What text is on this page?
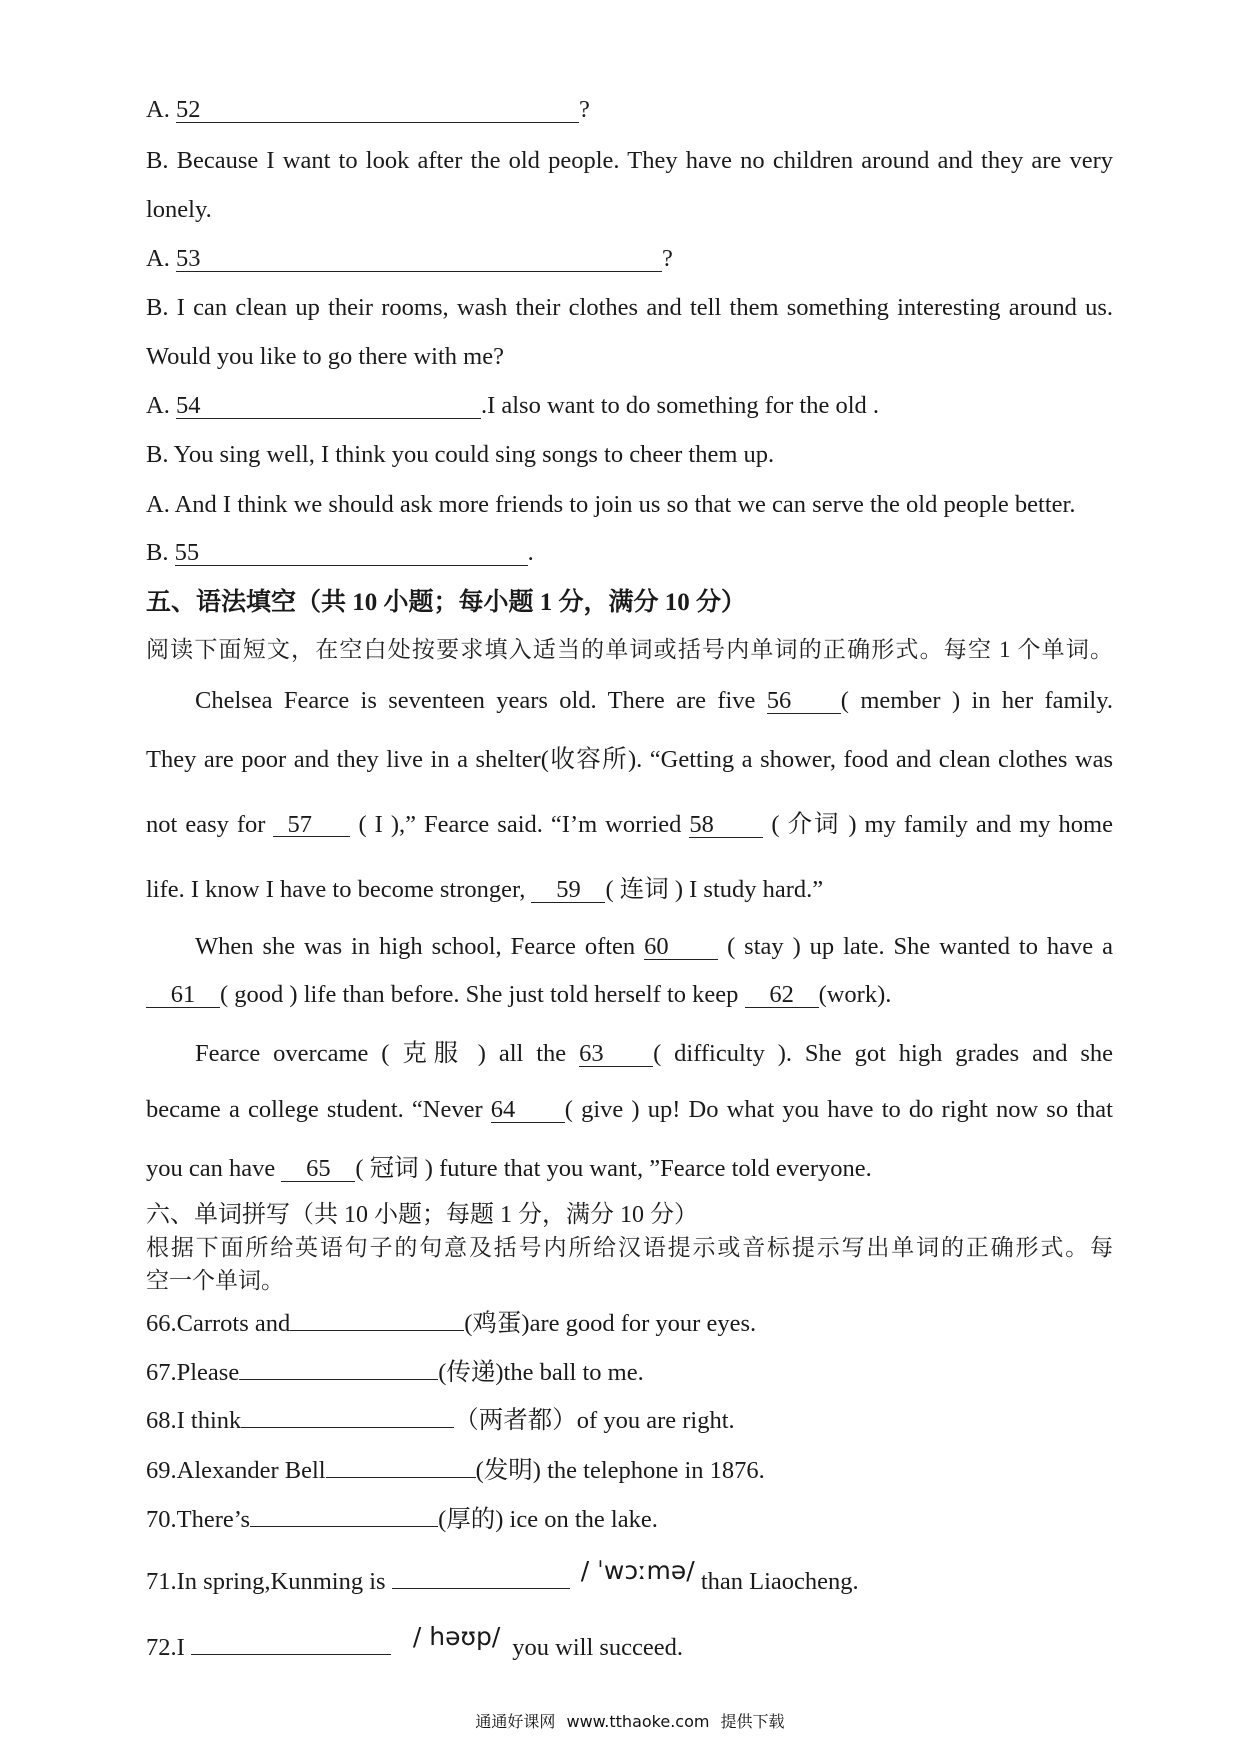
A. 52	?
B. Because I want to look after the old people. They have no children around and they are very
lonely.
A. 53	?
B. I can clean up their rooms, wash their clothes and tell them something interesting around us.
Would you like to go there with me?
A. 54	.I also want to do something for the old .
B. You sing well, I think you could sing songs to cheer them up.
A. And I think we should ask more friends to join us so that we can serve the old people better.
B. 55	.
五、语法填空（共 10 小题；每小题 1 分，满分 10 分）
阅读下面短文，在空白处按要求填入适当的单词或括号内单词的正确形式。每空 1 个单词。
Chelsea Fearce is seventeen years old. There are five 56 ( member ) in her family.
They are poor and they live in a shelter(收容所). “Getting a shower, food and clean clothes was
not easy for 57 ( I ),” Fearce said. “I’m worried 58 ( 介词 ) my family and my home
life. I know I have to become stronger, 59 ( 连词 ) I study hard.”
When she was in high school, Fearce often 60 ( stay ) up late. She wanted to have a
61 ( good ) life than before. She just told herself to keep 62 (work).
Fearce overcame ( 克服 ) all the 63 ( difficulty ). She got high grades and she
became a college student. “Never 64 ( give ) up! Do what you have to do right now so that
you can have 65 ( 冠词 ) future that you want, ”Fearce told everyone.
六、单词拼写（共 10 小题；每题 1 分，满分 10 分）
根据下面所给英语句子的句意及括号内所给汉语提示或音标提示写出单词的正确形式。每
空一个单词。
66.Carrots and	(鸡蛋)are good for your eyes.
67.Please	(传递)the ball to me.
68.I think	（两者都）of you are right.
69.Alexander Bell	(发明) the telephone in 1876.
70.There’s	(厚的) ice on the lake.
71.In spring,Kunming is	/ ˈwɔːmə/ than Liaocheng.
72.I	/ həʊp/ you will succeed.
通通好课网 www.tthaoke.com 提供下载
